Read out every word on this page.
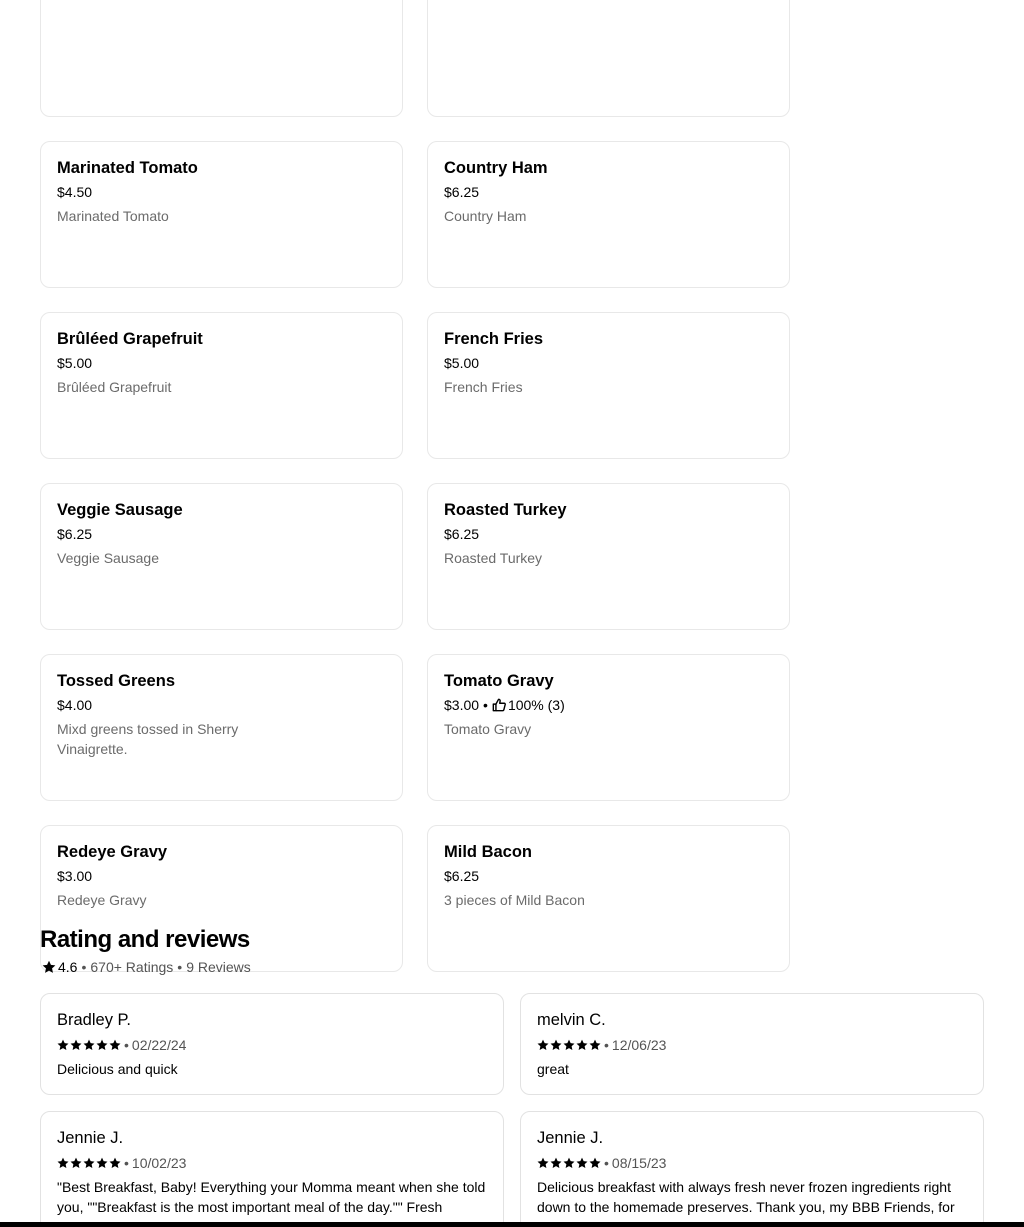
Marinated Tomato
$4.50
Marinated Tomato
Country Ham
$6.25
Country Ham
Brûléed Grapefruit
$5.00
Brûléed Grapefruit
French Fries
$5.00
French Fries
Veggie Sausage
$6.25
Veggie Sausage
Roasted Turkey
$6.25
Roasted Turkey
Tossed Greens
$4.00
Mixd greens tossed in Sherry Vinaigrette.
Tomato Gravy
$3.00 • 100% (3)
Tomato Gravy
Redeye Gravy
$3.00
Redeye Gravy
Mild Bacon
$6.25
3 pieces of Mild Bacon
Rating and reviews
4.6 • 670+ Ratings • 9 Reviews
Bradley P.
• 02/22/24
Delicious and quick
melvin C.
• 12/06/23
great
Jennie J.
• 10/02/23
"Best Breakfast, Baby! Everything your Momma meant when she told you, ""Breakfast is the most important meal of the day."" Fresh
Jennie J.
• 08/15/23
Delicious breakfast with always fresh never frozen ingredients right down to the homemade preserves. Thank you, my BBB Friends, for
